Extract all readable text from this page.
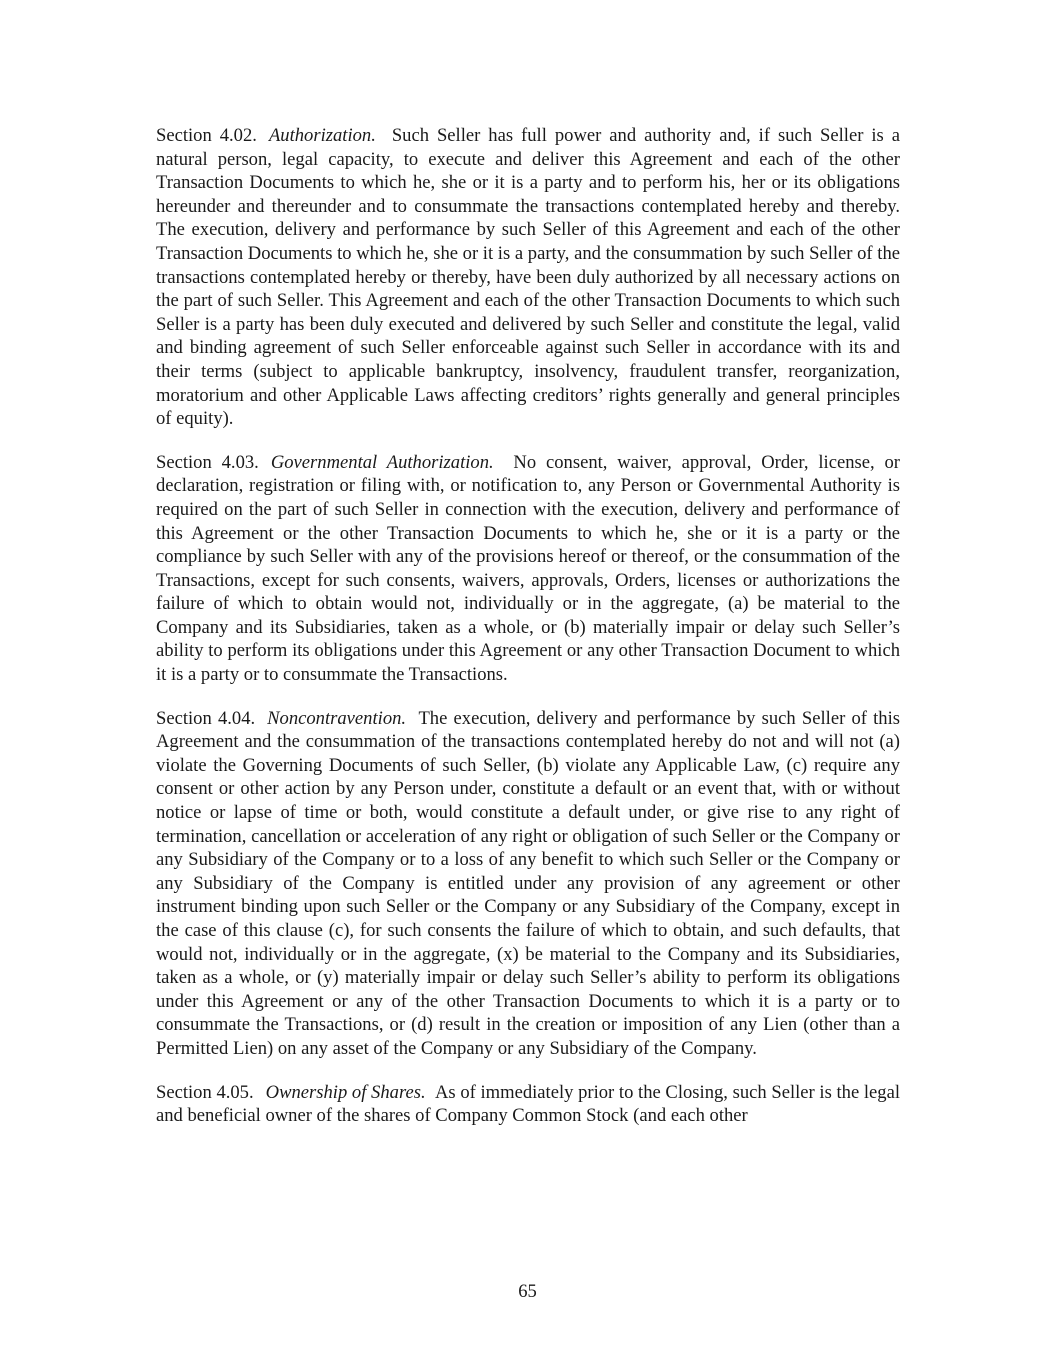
Section 4.02. Authorization. Such Seller has full power and authority and, if such Seller is a natural person, legal capacity, to execute and deliver this Agreement and each of the other Transaction Documents to which he, she or it is a party and to perform his, her or its obligations hereunder and thereunder and to consummate the transactions contemplated hereby and thereby. The execution, delivery and performance by such Seller of this Agreement and each of the other Transaction Documents to which he, she or it is a party, and the consummation by such Seller of the transactions contemplated hereby or thereby, have been duly authorized by all necessary actions on the part of such Seller. This Agreement and each of the other Transaction Documents to which such Seller is a party has been duly executed and delivered by such Seller and constitute the legal, valid and binding agreement of such Seller enforceable against such Seller in accordance with its and their terms (subject to applicable bankruptcy, insolvency, fraudulent transfer, reorganization, moratorium and other Applicable Laws affecting creditors’ rights generally and general principles of equity).

Section 4.03. Governmental Authorization. No consent, waiver, approval, Order, license, or declaration, registration or filing with, or notification to, any Person or Governmental Authority is required on the part of such Seller in connection with the execution, delivery and performance of this Agreement or the other Transaction Documents to which he, she or it is a party or the compliance by such Seller with any of the provisions hereof or thereof, or the consummation of the Transactions, except for such consents, waivers, approvals, Orders, licenses or authorizations the failure of which to obtain would not, individually or in the aggregate, (a) be material to the Company and its Subsidiaries, taken as a whole, or (b) materially impair or delay such Seller’s ability to perform its obligations under this Agreement or any other Transaction Document to which it is a party or to consummate the Transactions.

Section 4.04. Noncontravention. The execution, delivery and performance by such Seller of this Agreement and the consummation of the transactions contemplated hereby do not and will not (a) violate the Governing Documents of such Seller, (b) violate any Applicable Law, (c) require any consent or other action by any Person under, constitute a default or an event that, with or without notice or lapse of time or both, would constitute a default under, or give rise to any right of termination, cancellation or acceleration of any right or obligation of such Seller or the Company or any Subsidiary of the Company or to a loss of any benefit to which such Seller or the Company or any Subsidiary of the Company is entitled under any provision of any agreement or other instrument binding upon such Seller or the Company or any Subsidiary of the Company, except in the case of this clause (c), for such consents the failure of which to obtain, and such defaults, that would not, individually or in the aggregate, (x) be material to the Company and its Subsidiaries, taken as a whole, or (y) materially impair or delay such Seller’s ability to perform its obligations under this Agreement or any of the other Transaction Documents to which it is a party or to consummate the Transactions, or (d) result in the creation or imposition of any Lien (other than a Permitted Lien) on any asset of the Company or any Subsidiary of the Company.

Section 4.05. Ownership of Shares. As of immediately prior to the Closing, such Seller is the legal and beneficial owner of the shares of Company Common Stock (and each other

65
